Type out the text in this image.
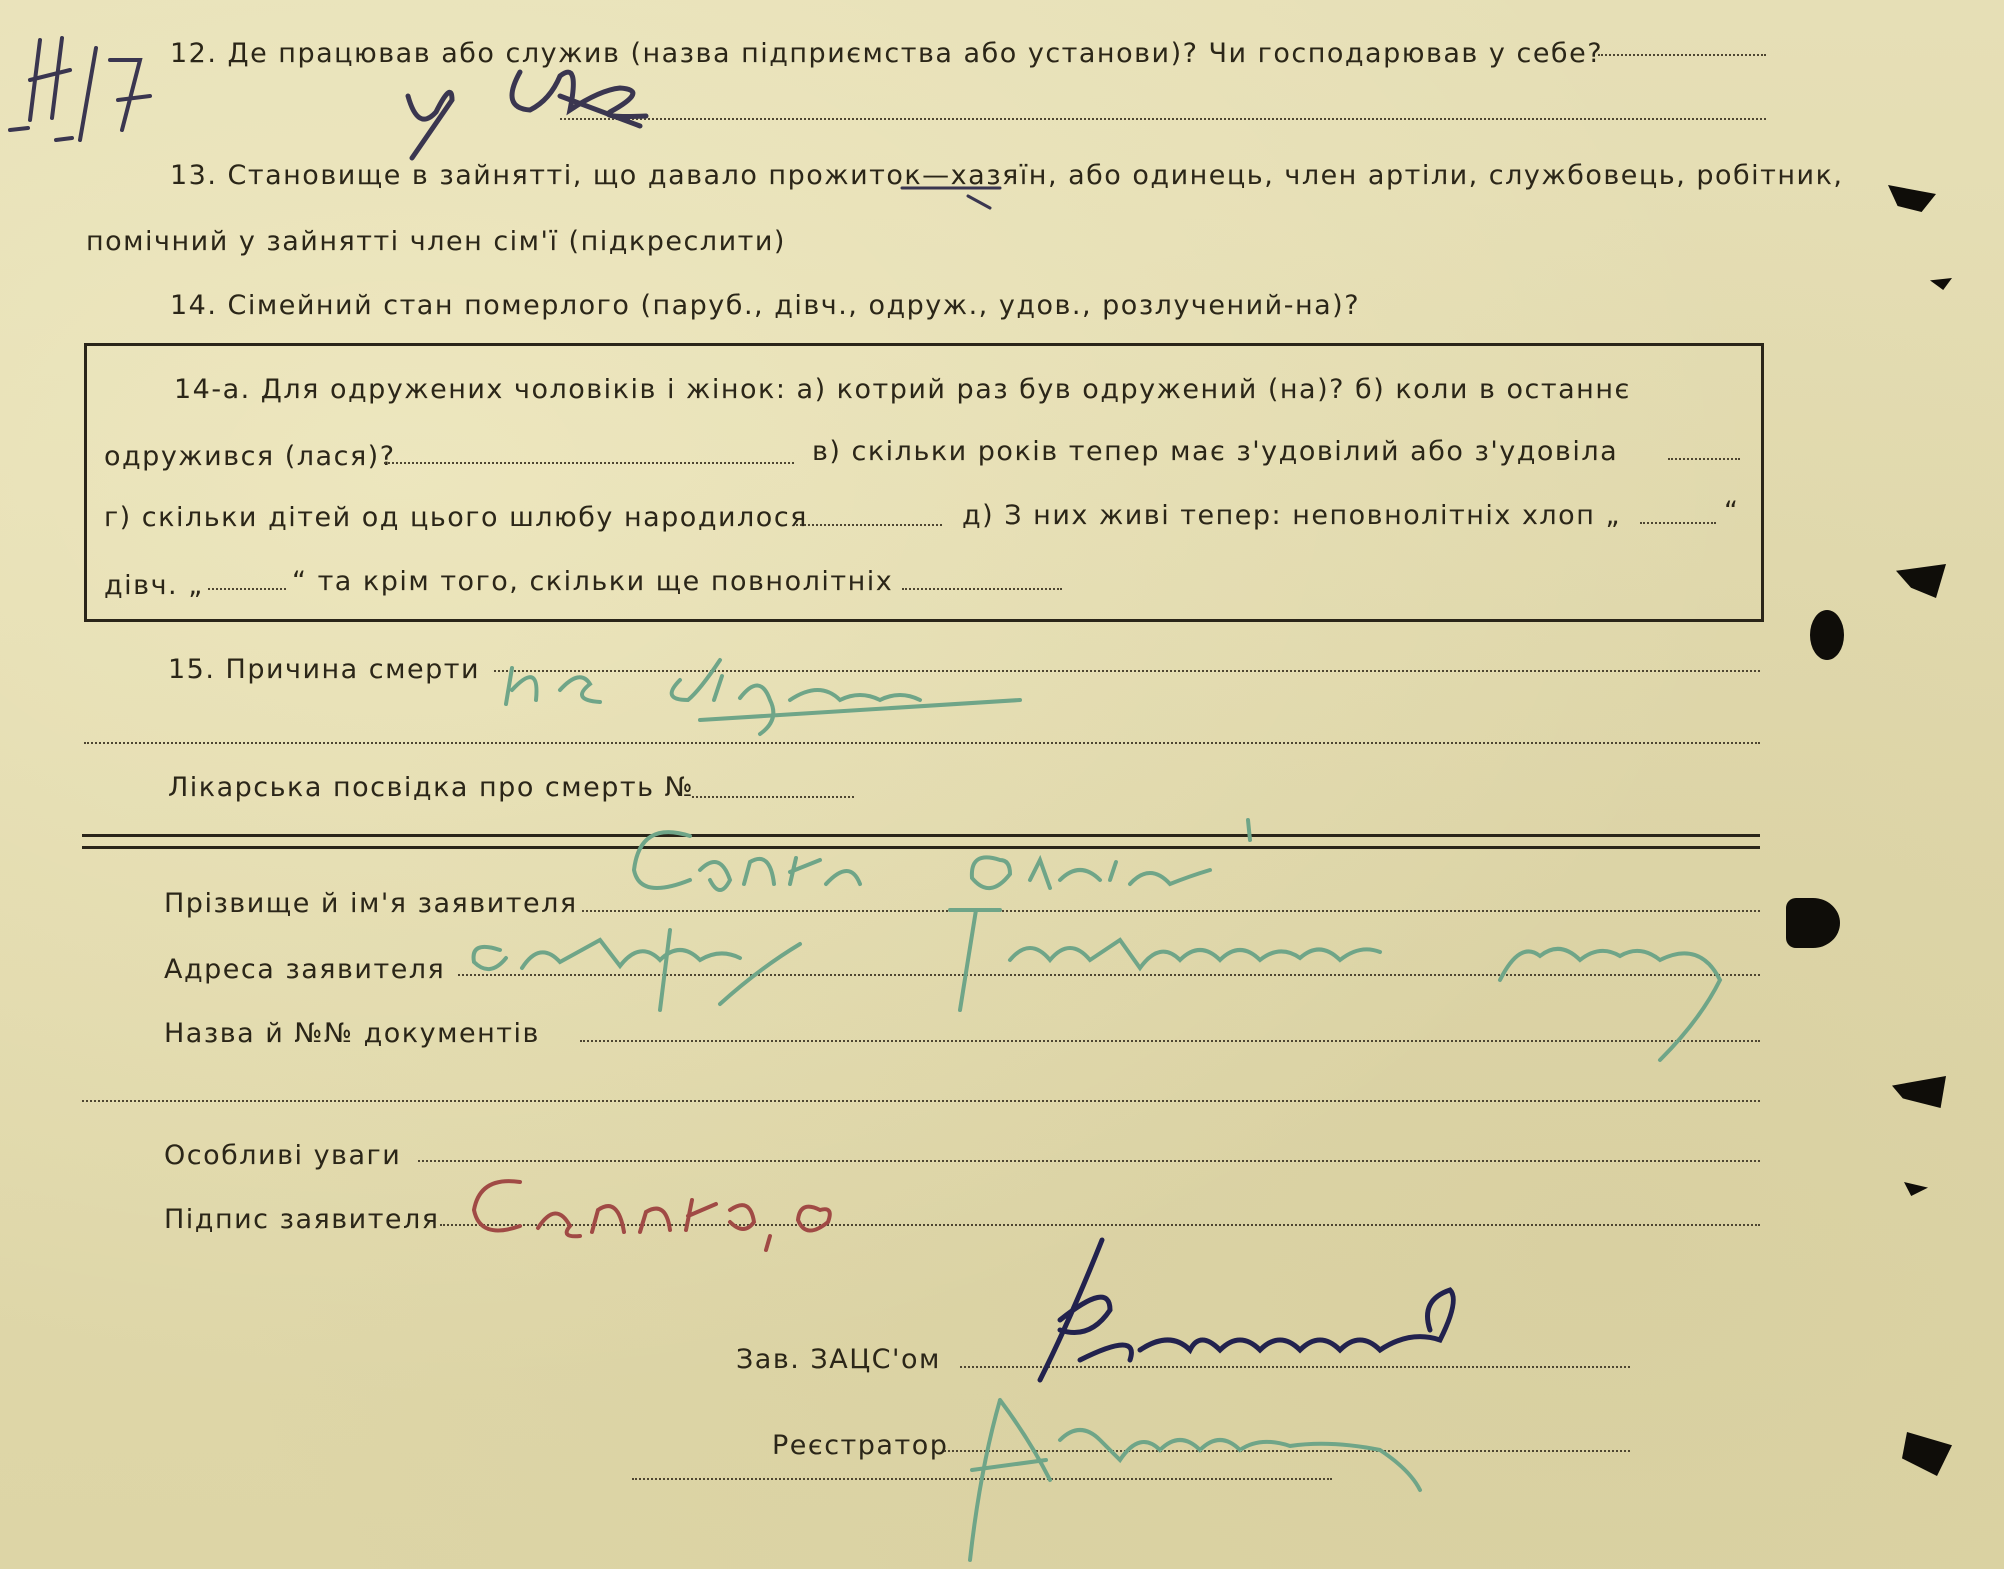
12. Де працював або служив (назва підприємства або установи)? Чи господарював у себе?
13. Становище в зайнятті, що давало прожиток—хазяїн, або одинець, член артіли, службовець, робітник,
помічний у зайнятті член сім'ї (підкреслити)
14. Сімейний стан померлого (паруб., дівч., одруж., удов., розлучений-на)?
14-а. Для одружених чоловіків і жінок: а) котрий раз був одружений (на)? б) коли в останнє
одружився (лася)?	в) скільки років тепер має з'удовілий або з'удовіла
г) скільки дітей од цього шлюбу народилося	д) З них живі тепер: неповнолітніх хлоп „	“
дівч. „	“ та крім того, скільки ще повнолітніх
15. Причина смерти
Лікарська посвідка про смерть №
Прізвище й ім'я заявителя
Адреса заявителя
Назва й №№ документів
Особливі уваги
Підпис заявителя
Зав. ЗАЦС'ом
Реєстратор
